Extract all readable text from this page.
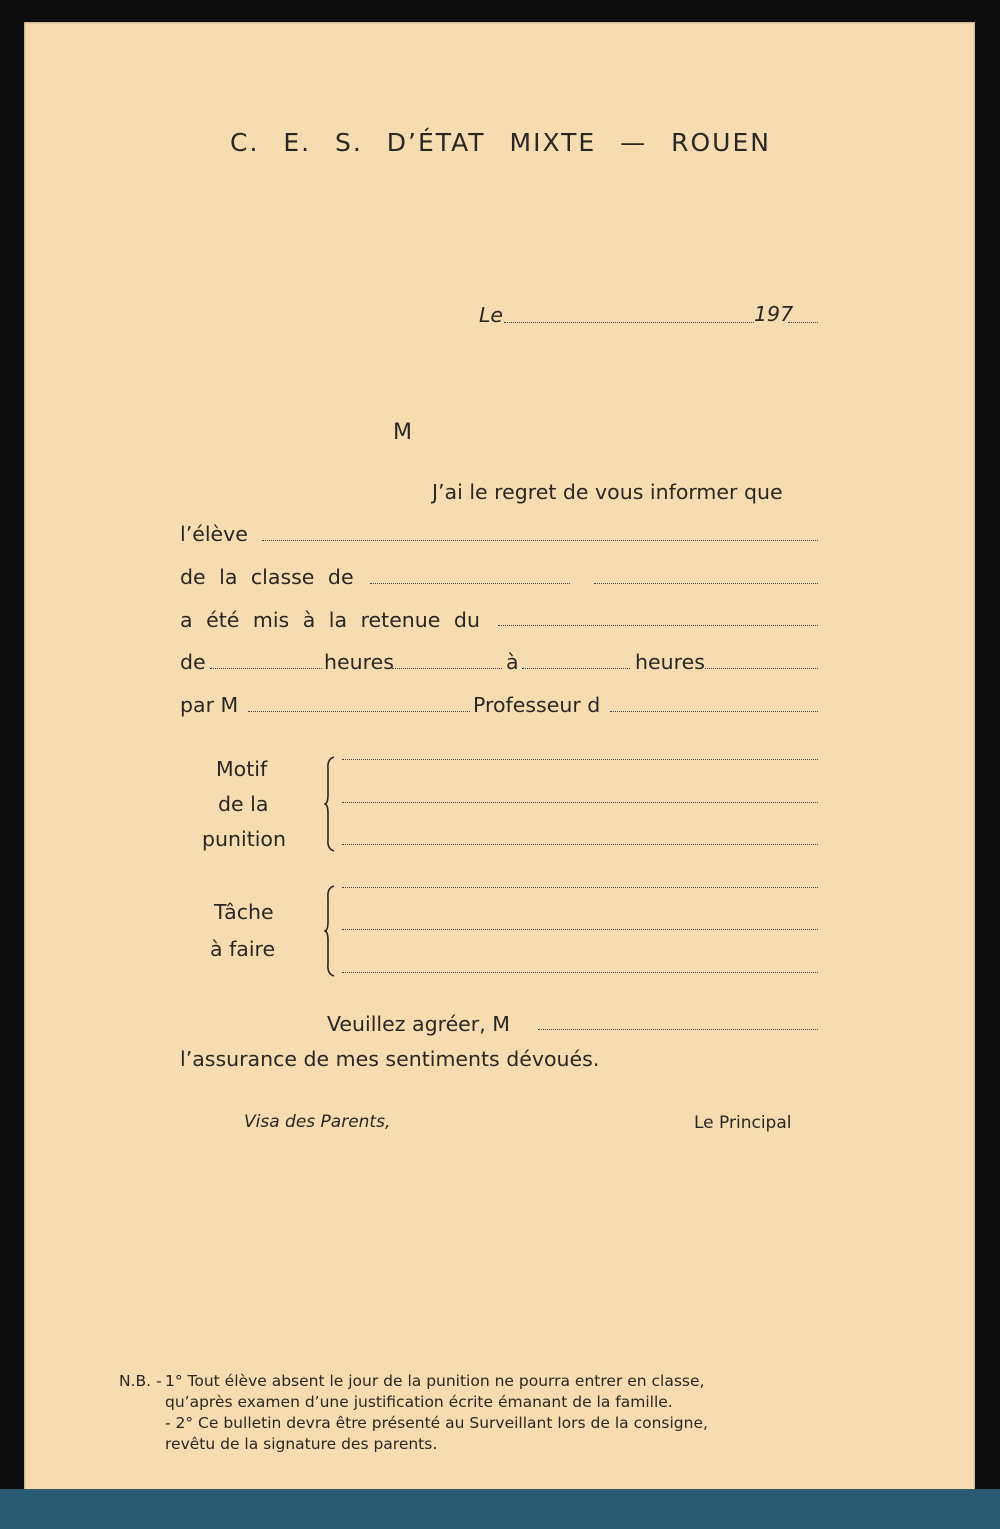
C. E. S. D’ÉTAT MIXTE — ROUEN
Le	197
M
J’ai le regret de vous informer que
l’élève
de la classe de
a été mis à la retenue du
de	heures	à	heures
par M	Professeur d
Motif
de la
punition
Tâche
à faire
Veuillez agréer, M
l’assurance de mes sentiments dévoués.
Visa des Parents,	Le Principal
N.B. - 1° Tout élève absent le jour de la punition ne pourra entrer en classe,
qu’après examen d’une justification écrite émanant de la famille.
- 2° Ce bulletin devra être présenté au Surveillant lors de la consigne,
revêtu de la signature des parents.
